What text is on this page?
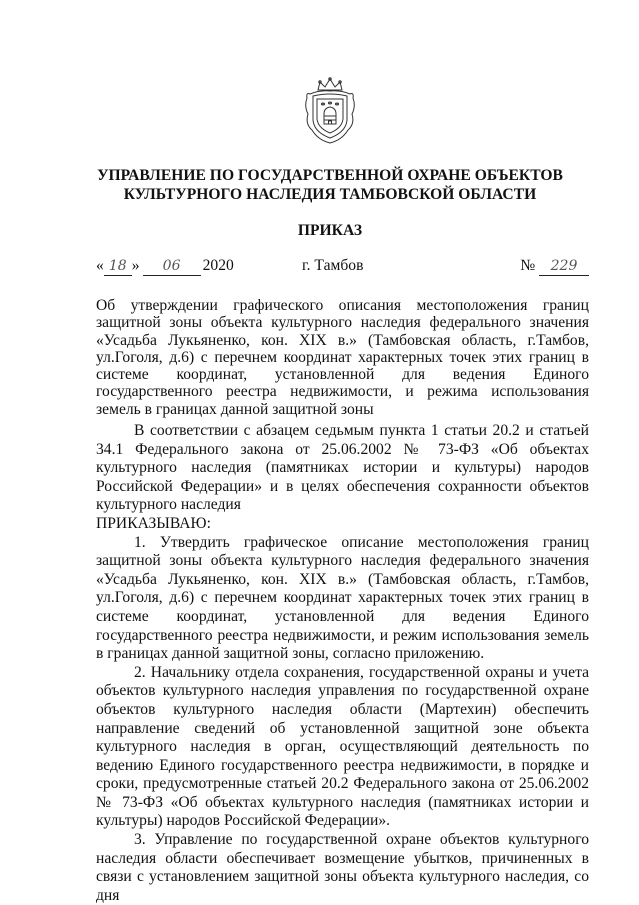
УПРАВЛЕНИЕ ПО ГОСУДАРСТВЕННОЙ ОХРАНЕ ОБЪЕКТОВ
КУЛЬТУРНОГО НАСЛЕДИЯ ТАМБОВСКОЙ ОБЛАСТИ
ПРИКАЗ
« 18 » 06 2020	г. Тамбов	№ 229
Об утверждении графического описания местоположения границ защитной зоны объекта культурного наследия федерального значения «Усадьба Лукьяненко, кон. XIX в.» (Тамбовская область, г.Тамбов, ул.Гоголя, д.6) с перечнем координат характерных точек этих границ в системе координат, установленной для ведения Единого государственного реестра недвижимости, и режима использования земель в границах данной защитной зоны

В соответствии с абзацем седьмым пункта 1 статьи 20.2 и статьей 34.1 Федерального закона от 25.06.2002 № 73-ФЗ «Об объектах культурного наследия (памятниках истории и культуры) народов Российской Федерации» и в целях обеспечения сохранности объектов культурного наследия

ПРИКАЗЫВАЮ:

1. Утвердить графическое описание местоположения границ защитной зоны объекта культурного наследия федерального значения «Усадьба Лукьяненко, кон. XIX в.» (Тамбовская область, г.Тамбов, ул.Гоголя, д.6) с перечнем координат характерных точек этих границ в системе координат, установленной для ведения Единого государственного реестра недвижимости, и режим использования земель в границах данной защитной зоны, согласно приложению.

2. Начальнику отдела сохранения, государственной охраны и учета объектов культурного наследия управления по государственной охране объектов культурного наследия области (Мартехин) обеспечить направление сведений об установленной защитной зоне объекта культурного наследия в орган, осуществляющий деятельность по ведению Единого государственного реестра недвижимости, в порядке и сроки, предусмотренные статьей 20.2 Федерального закона от 25.06.2002 № 73-ФЗ «Об объектах культурного наследия (памятниках истории и культуры) народов Российской Федерации».

3. Управление по государственной охране объектов культурного наследия области обеспечивает возмещение убытков, причиненных в связи с установлением защитной зоны объекта культурного наследия, со дня
